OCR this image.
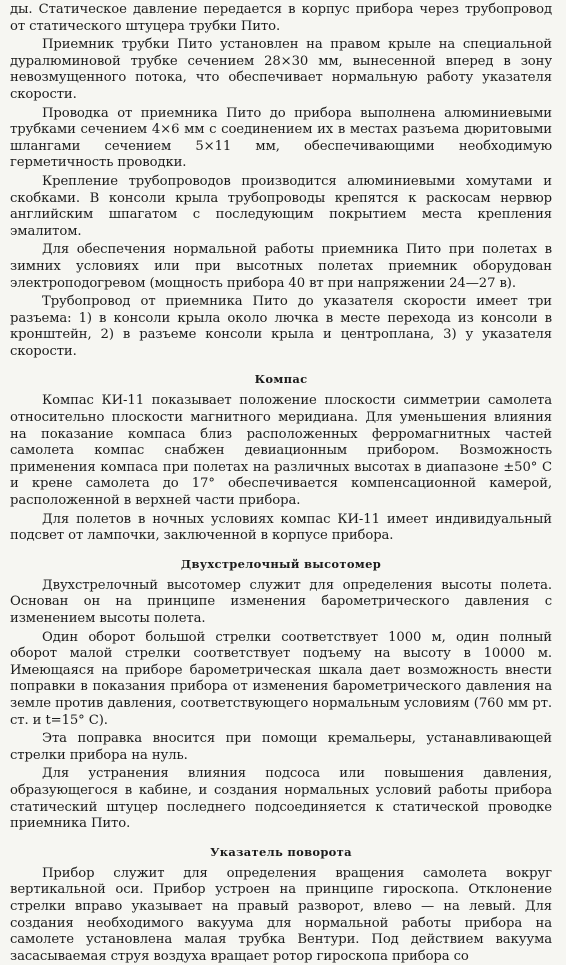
ды. Статическое давление передается в корпус прибора через трубопровод от статического штуцера трубки Пито.

Приемник трубки Пито установлен на правом крыле на специальной дуралюминовой трубке сечением 28×30 мм, вынесенной вперед в зону невозмущенного потока, что обеспечивает нормальную работу указателя скорости.

Проводка от приемника Пито до прибора выполнена алюминиевыми трубками сечением 4×6 мм с соединением их в местах разъема дюритовыми шлангами сечением 5×11 мм, обеспечивающими необходимую герметичность проводки.

Крепление трубопроводов производится алюминиевыми хомутами и скобками. В консоли крыла трубопроводы крепятся к раскосам нервюр английским шпагатом с последующим покрытием места крепления эмалитом.

Для обеспечения нормальной работы приемника Пито при полетах в зимних условиях или при высотных полетах приемник оборудован электроподогревом (мощность прибора 40 вт при напряжении 24—27 в).

Трубопровод от приемника Пито до указателя скорости имеет три разъема: 1) в консоли крыла около лючка в месте перехода из консоли в кронштейн, 2) в разъеме консоли крыла и центроплана, 3) у указателя скорости.

Компас

Компас КИ-11 показывает положение плоскости симметрии самолета относительно плоскости магнитного меридиана. Для уменьшения влияния на показание компаса близ расположенных ферромагнитных частей самолета компас снабжен девиационным прибором. Возможность применения компаса при полетах на различных высотах в диапазоне ±50° С и крене самолета до 17° обеспечивается компенсационной камерой, расположенной в верхней части прибора.

Для полетов в ночных условиях компас КИ-11 имеет индивидуальный подсвет от лампочки, заключенной в корпусе прибора.

Двухстрелочный высотомер

Двухстрелочный высотомер служит для определения высоты полета. Основан он на принципе изменения барометрического давления с изменением высоты полета.

Один оборот большой стрелки соответствует 1000 м, один полный оборот малой стрелки соответствует подъему на высоту в 10000 м. Имеющаяся на приборе барометрическая шкала дает возможность внести поправки в показания прибора от изменения барометрического давления на земле против давления, соответствующего нормальным условиям (760 мм рт. ст. и t=15° С).

Эта поправка вносится при помощи кремальеры, устанавливающей стрелки прибора на нуль.

Для устранения влияния подсоса или повышения давления, образующегося в кабине, и создания нормальных условий работы прибора статический штуцер последнего подсоединяется к статической проводке приемника Пито.

Указатель поворота

Прибор служит для определения вращения самолета вокруг вертикальной оси. Прибор устроен на принципе гироскопа. Отклонение стрелки вправо указывает на правый разворот, влево — на левый. Для создания необходимого вакуума для нормальной работы прибора на самолете установлена малая трубка Вентури. Под действием вакуума засасываемая струя воздуха вращает ротор гироскопа прибора со
